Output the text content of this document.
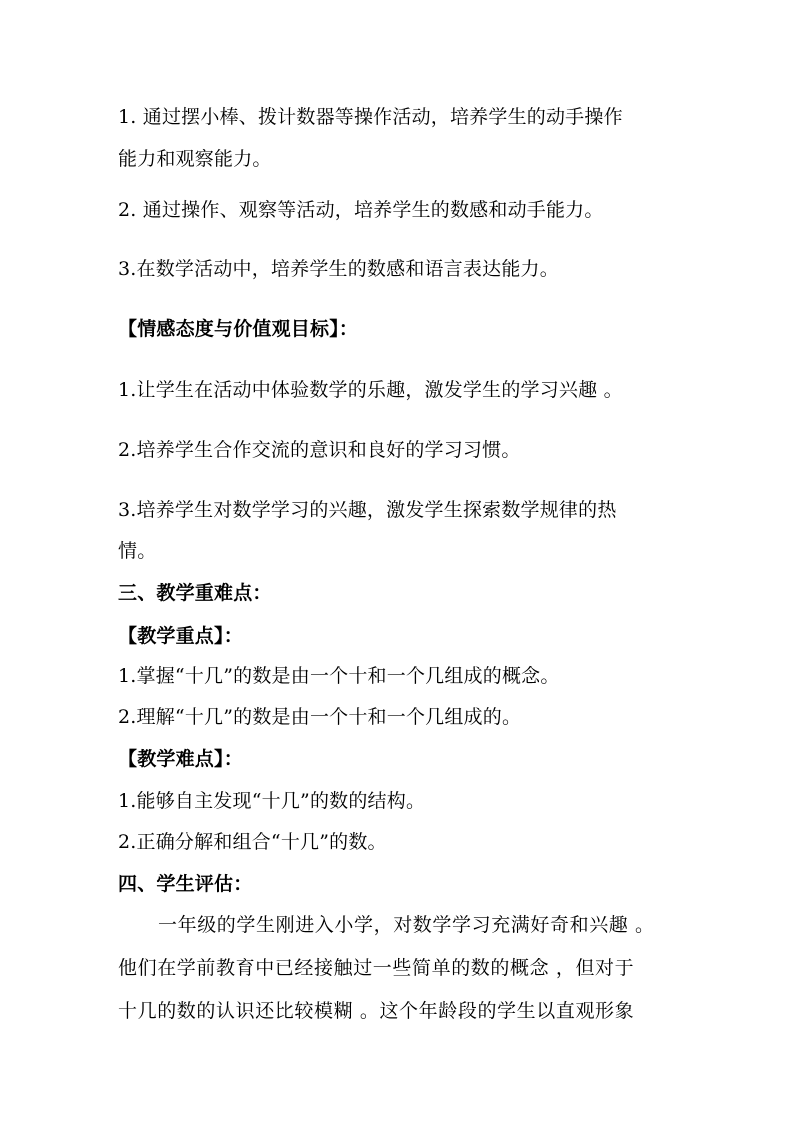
1. 通过摆小棒、拨计数器等操作活动，培养学生的动手操作
能力和观察能力。
2. 通过操作、观察等活动，培养学生的数感和动手能力。
3.在数学活动中，培养学生的数感和语言表达能力。
【情感态度与价值观目标】：
1.让学生在活动中体验数学的乐趣，激发学生的学习兴趣 。
2.培养学生合作交流的意识和良好的学习习惯。
3.培养学生对数学学习的兴趣，激发学生探索数学规律的热
情。
三、教学重难点：
【教学重点】：
1.掌握“十几”的数是由一个十和一个几组成的概念。
2.理解“十几”的数是由一个十和一个几组成的。
【教学难点】：
1.能够自主发现“十几”的数的结构。
2.正确分解和组合“十几”的数。
四、学生评估：
一年级的学生刚进入小学，对数学学习充满好奇和兴趣 。
他们在学前教育中已经接触过一些简单的数的概念 ，但对于
十几的数的认识还比较模糊 。这个年龄段的学生以直观形象
